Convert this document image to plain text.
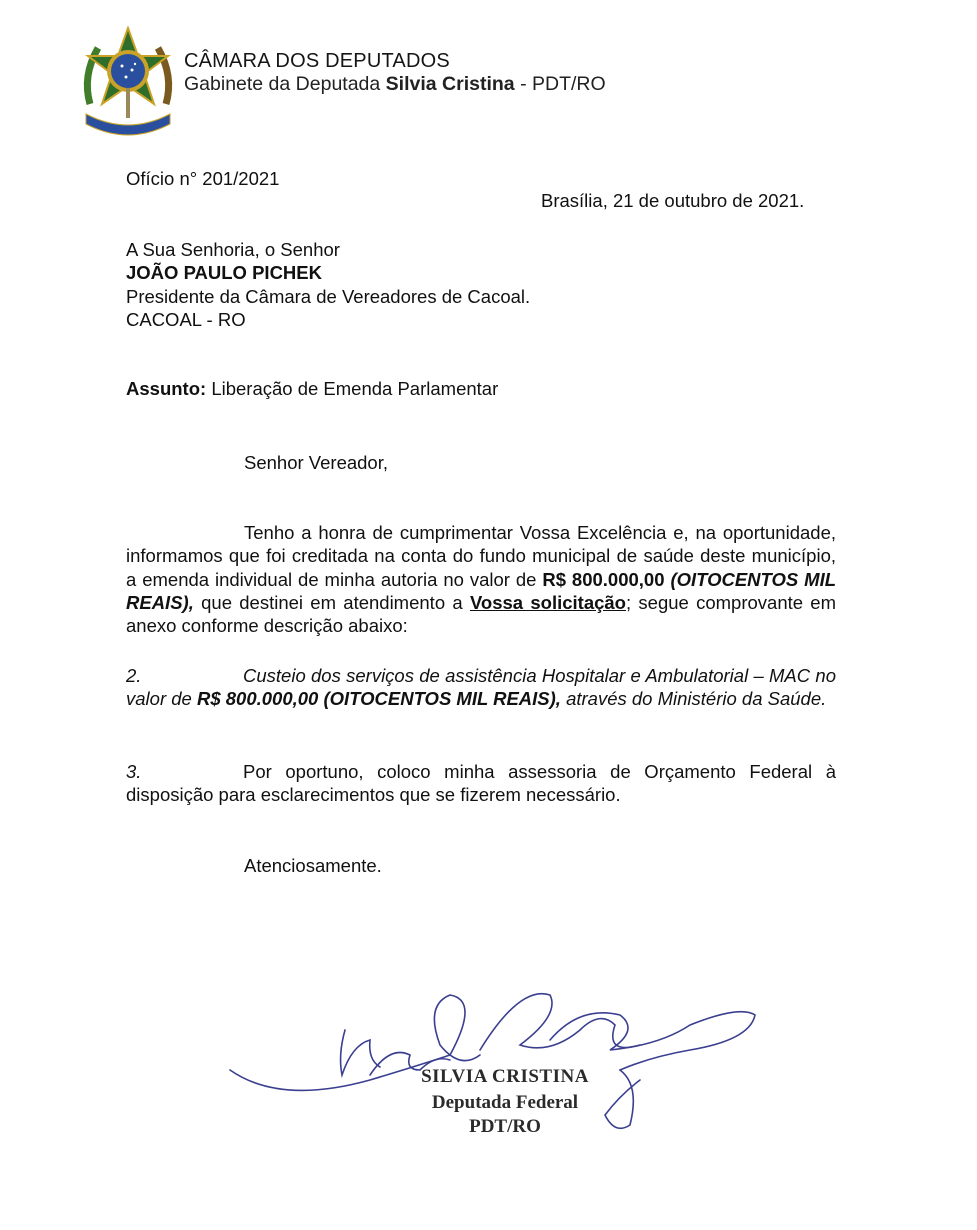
CÂMARA DOS DEPUTADOS
Gabinete da Deputada Silvia Cristina - PDT/RO
Ofício n° 201/2021
Brasília, 21 de outubro de 2021.
A Sua Senhoria, o Senhor
JOÃO PAULO PICHEK
Presidente da Câmara de Vereadores de Cacoal.
CACOAL - RO
Assunto: Liberação de Emenda Parlamentar
Senhor Vereador,
Tenho a honra de cumprimentar Vossa Excelência e, na oportunidade, informamos que foi creditada na conta do fundo municipal de saúde deste município, a emenda individual de minha autoria no valor de R$ 800.000,00 (OITOCENTOS MIL REAIS), que destinei em atendimento a Vossa solicitação; segue comprovante em anexo conforme descrição abaixo:
2.	Custeio dos serviços de assistência Hospitalar e Ambulatorial – MAC no valor de R$ 800.000,00 (OITOCENTOS MIL REAIS), através do Ministério da Saúde.
3.	Por oportuno, coloco minha assessoria de Orçamento Federal à disposição para esclarecimentos que se fizerem necessário.
Atenciosamente.
SILVIA CRISTINA
Deputada Federal
PDT/RO
